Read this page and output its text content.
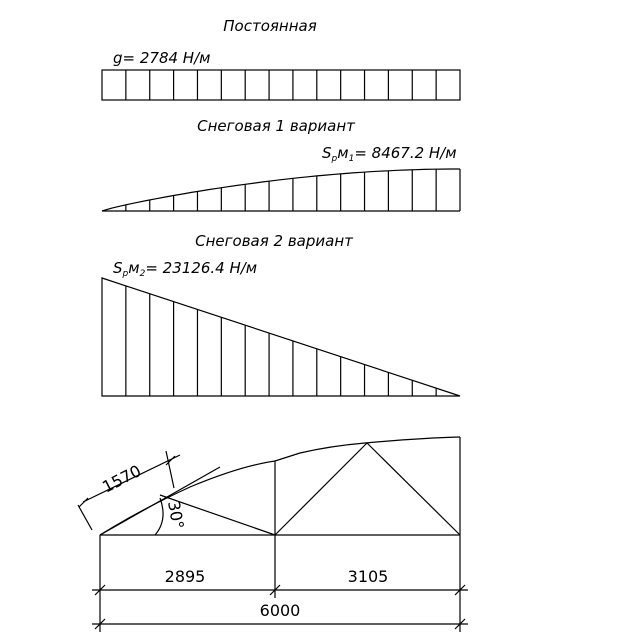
Постоянная
g= 2784 Н/м
Снеговая 1 вариант
$S_рм_1= 8467.2$ Н/м
Снеговая 2 вариант
$S_рм_2= 23126.4$ Н/м
1570
30°
2895	3105
6000
